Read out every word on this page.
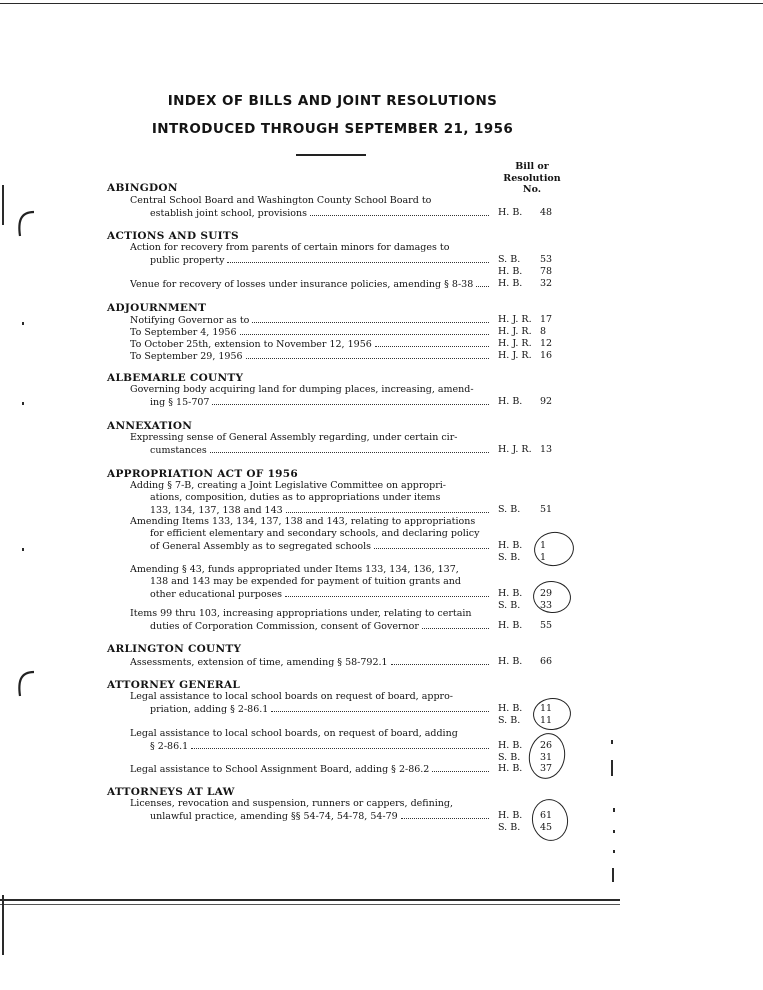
INDEX OF BILLS AND JOINT RESOLUTIONS
INTRODUCED THROUGH SEPTEMBER 21, 1956
Bill or
Resolution
No.
ABINGDON
Central School Board and Washington County School Board to
establish joint school, provisions	H. B. 48
ACTIONS AND SUITS
Action for recovery from parents of certain minors for damages to
public property	S. B. 53
H. B. 78
Venue for recovery of losses under insurance policies, amending § 8-38	H. B. 32
ADJOURNMENT
Notifying Governor as to	H. J. R. 17
To September 4, 1956	H. J. R. 8
To October 25th, extension to November 12, 1956	H. J. R. 12
To September 29, 1956	H. J. R. 16
ALBEMARLE COUNTY
Governing body acquiring land for dumping places, increasing, amend-
ing § 15-707	H. B. 92
ANNEXATION
Expressing sense of General Assembly regarding, under certain cir-
cumstances	H. J. R. 13
APPROPRIATION ACT OF 1956
Adding § 7-B, creating a Joint Legislative Committee on appropri-
ations, composition, duties as to appropriations under items
133, 134, 137, 138 and 143	S. B. 51
Amending Items 133, 134, 137, 138 and 143, relating to appropriations
for efficient elementary and secondary schools, and declaring policy
of General Assembly as to segregated schools	H. B. 1
S. B. 1
Amending § 43, funds appropriated under Items 133, 134, 136, 137,
138 and 143 may be expended for payment of tuition grants and
other educational purposes	H. B. 29
S. B. 33
Items 99 thru 103, increasing appropriations under, relating to certain
duties of Corporation Commission, consent of Governor	H. B. 55
ARLINGTON COUNTY
Assessments, extension of time, amending § 58-792.1	H. B. 66
ATTORNEY GENERAL
Legal assistance to local school boards on request of board, appro-
priation, adding § 2-86.1	H. B. 11
S. B. 11
Legal assistance to local school boards, on request of board, adding
§ 2-86.1	H. B. 26
S. B. 31
Legal assistance to School Assignment Board, adding § 2-86.2	H. B. 37
ATTORNEYS AT LAW
Licenses, revocation and suspension, runners or cappers, defining,
unlawful practice, amending §§ 54-74, 54-78, 54-79	H. B. 61
S. B. 45
